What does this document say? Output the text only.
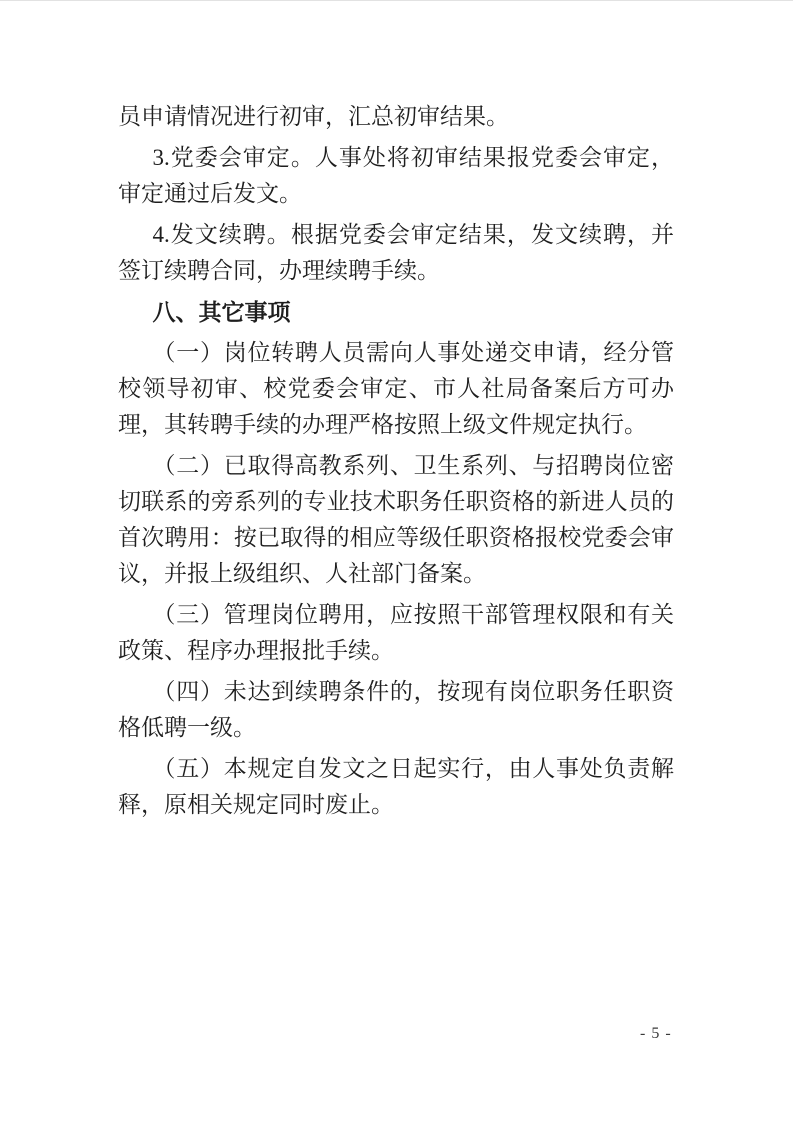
员申请情况进行初审，汇总初审结果。
3.党委会审定。人事处将初审结果报党委会审定，审定通过后发文。
4.发文续聘。根据党委会审定结果，发文续聘，并签订续聘合同，办理续聘手续。
八、其它事项
（一）岗位转聘人员需向人事处递交申请，经分管校领导初审、校党委会审定、市人社局备案后方可办理，其转聘手续的办理严格按照上级文件规定执行。
（二）已取得高教系列、卫生系列、与招聘岗位密切联系的旁系列的专业技术职务任职资格的新进人员的首次聘用：按已取得的相应等级任职资格报校党委会审议，并报上级组织、人社部门备案。
（三）管理岗位聘用，应按照干部管理权限和有关政策、程序办理报批手续。
（四）未达到续聘条件的，按现有岗位职务任职资格低聘一级。
（五）本规定自发文之日起实行，由人事处负责解释，原相关规定同时废止。
- 5 -
